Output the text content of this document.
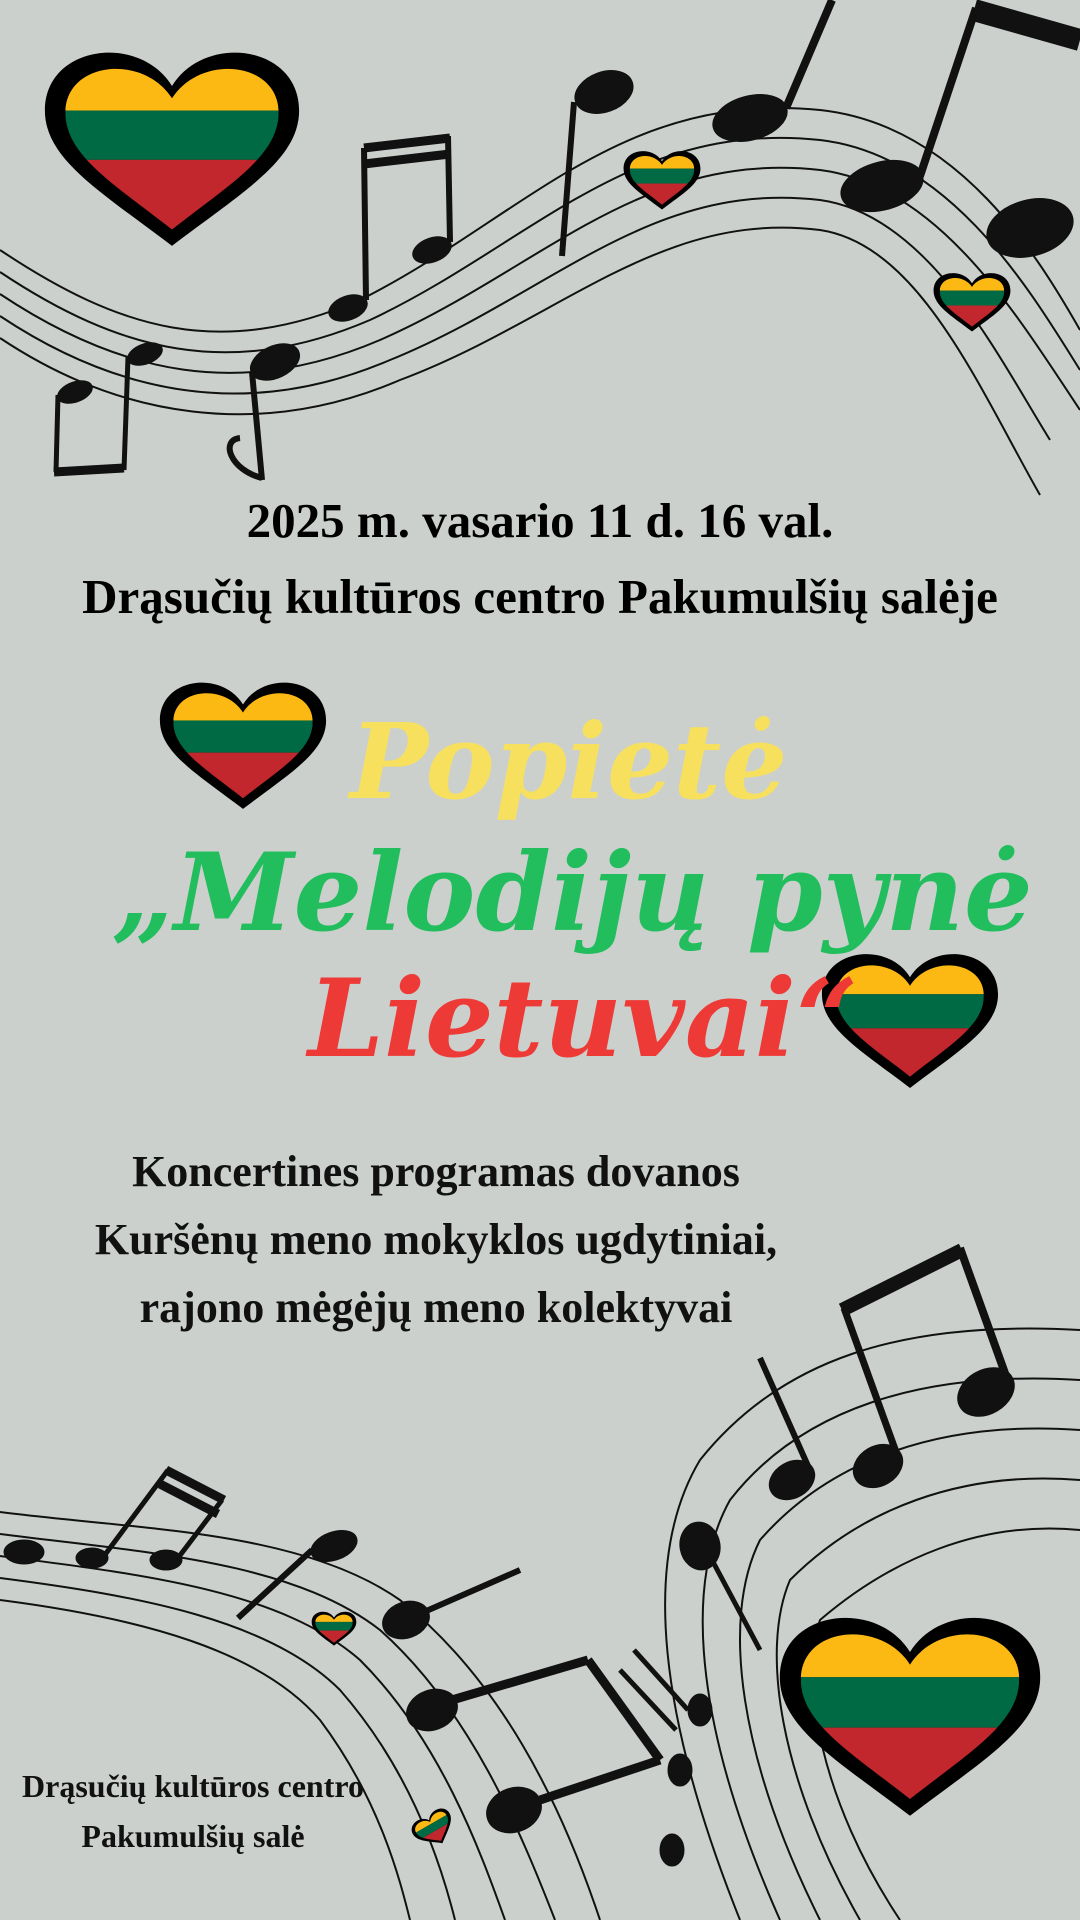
2025 m. vasario 11 d. 16 val.
Drąsučių kultūros centro Pakumulšių salėje
Popietė
„Melodijų pynė
Lietuvai“
Koncertines programas dovanos
Kuršėnų meno mokyklos ugdytiniai,
rajono mėgėjų meno kolektyvai
Drąsučių kultūros centro
Pakumulšių salė
